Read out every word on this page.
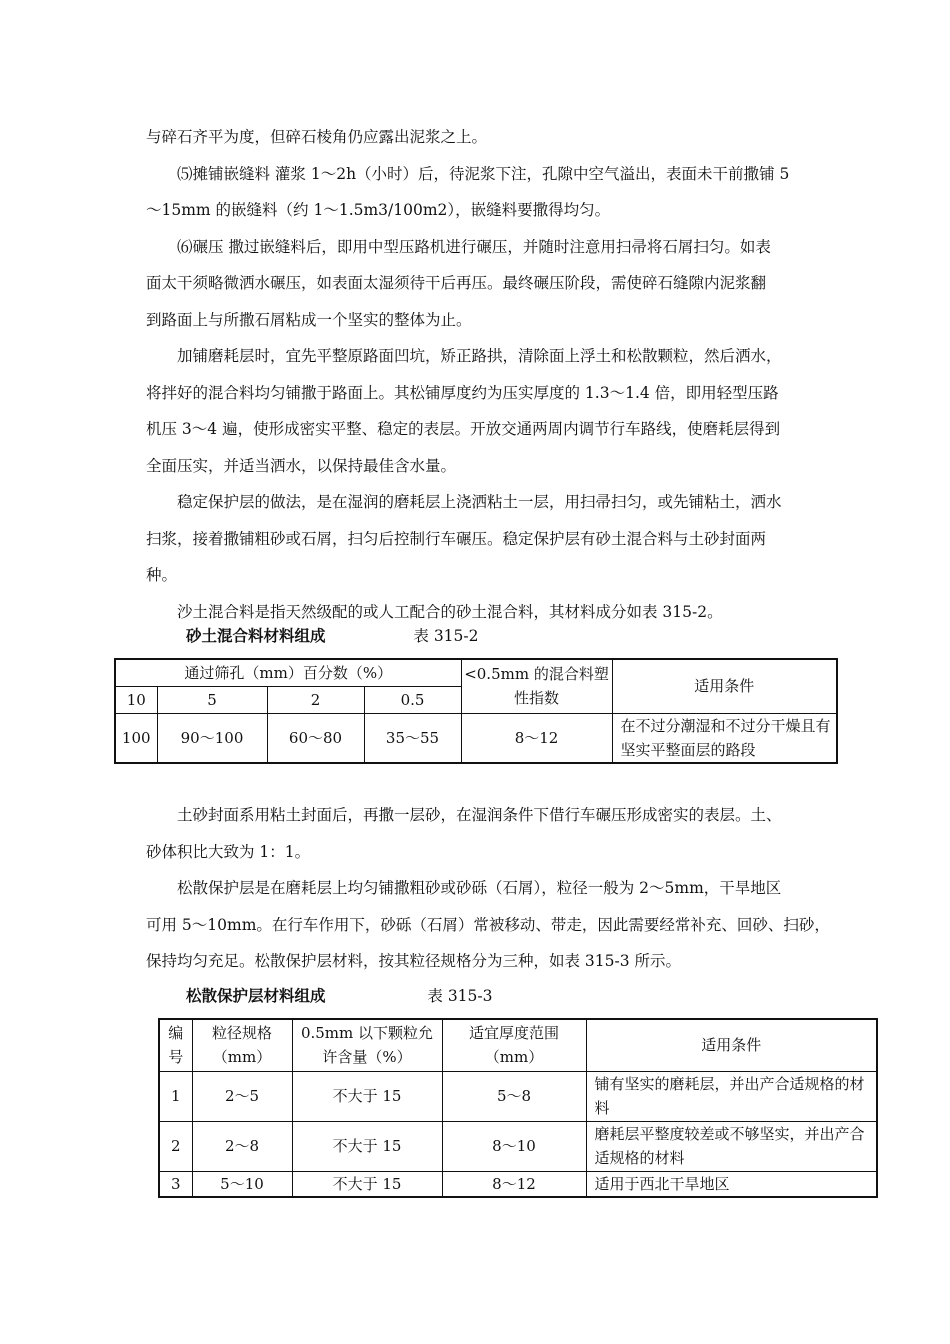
与碎石齐平为度，但碎石棱角仍应露出泥浆之上。
⑸摊铺嵌缝料 灌浆 1～2h（小时）后，待泥浆下注，孔隙中空气溢出，表面未干前撒铺 5
～15mm 的嵌缝料（约 1～1.5m3/100m2），嵌缝料要撒得均匀。
⑹碾压 撒过嵌缝料后，即用中型压路机进行碾压，并随时注意用扫帚将石屑扫匀。如表
面太干须略微洒水碾压，如表面太湿须待干后再压。最终碾压阶段，需使碎石缝隙内泥浆翻
到路面上与所撒石屑粘成一个坚实的整体为止。
加铺磨耗层时，宜先平整原路面凹坑，矫正路拱，清除面上浮土和松散颗粒，然后洒水，
将拌好的混合料均匀铺撒于路面上。其松铺厚度约为压实厚度的 1.3～1.4 倍，即用轻型压路
机压 3～4 遍，使形成密实平整、稳定的表层。开放交通两周内调节行车路线，使磨耗层得到
全面压实，并适当洒水，以保持最佳含水量。
稳定保护层的做法，是在湿润的磨耗层上浇洒粘土一层，用扫帚扫匀，或先铺粘土，洒水
扫浆，接着撒铺粗砂或石屑，扫匀后控制行车碾压。稳定保护层有砂土混合料与土砂封面两
种。
沙土混合料是指天然级配的或人工配合的砂土混合料，其材料成分如表 315-2。

砂土混合料材料组成	表 315-2

通过筛孔（mm）百分数（%）				<0.5mm 的混合料塑性指数	适用条件
10	5	2	0.5		
100	90～100	60～80	35～55	8～12	在不过分潮湿和不过分干燥且有坚实平整面层的路段
土砂封面系用粘土封面后，再撒一层砂，在湿润条件下借行车碾压形成密实的表层。土、
砂体积比大致为 1：1。
松散保护层是在磨耗层上均匀铺撒粗砂或砂砾（石屑），粒径一般为 2～5mm，干旱地区
可用 5～10mm。在行车作用下，砂砾（石屑）常被移动、带走，因此需要经常补充、回砂、扫砂，
保持均匀充足。松散保护层材料，按其粒径规格分为三种，如表 315-3 所示。

松散保护层材料组成	表 315-3

编号	粒径规格（mm）	0.5mm 以下颗粒允许含量（%）	适宜厚度范围（mm）	适用条件
1	2～5	不大于 15	5～8	铺有坚实的磨耗层，并出产合适规格的材料
2	2～8	不大于 15	8～10	磨耗层平整度较差或不够坚实，并出产合适规格的材料
3	5～10	不大于 15	8～12	适用于西北干旱地区
